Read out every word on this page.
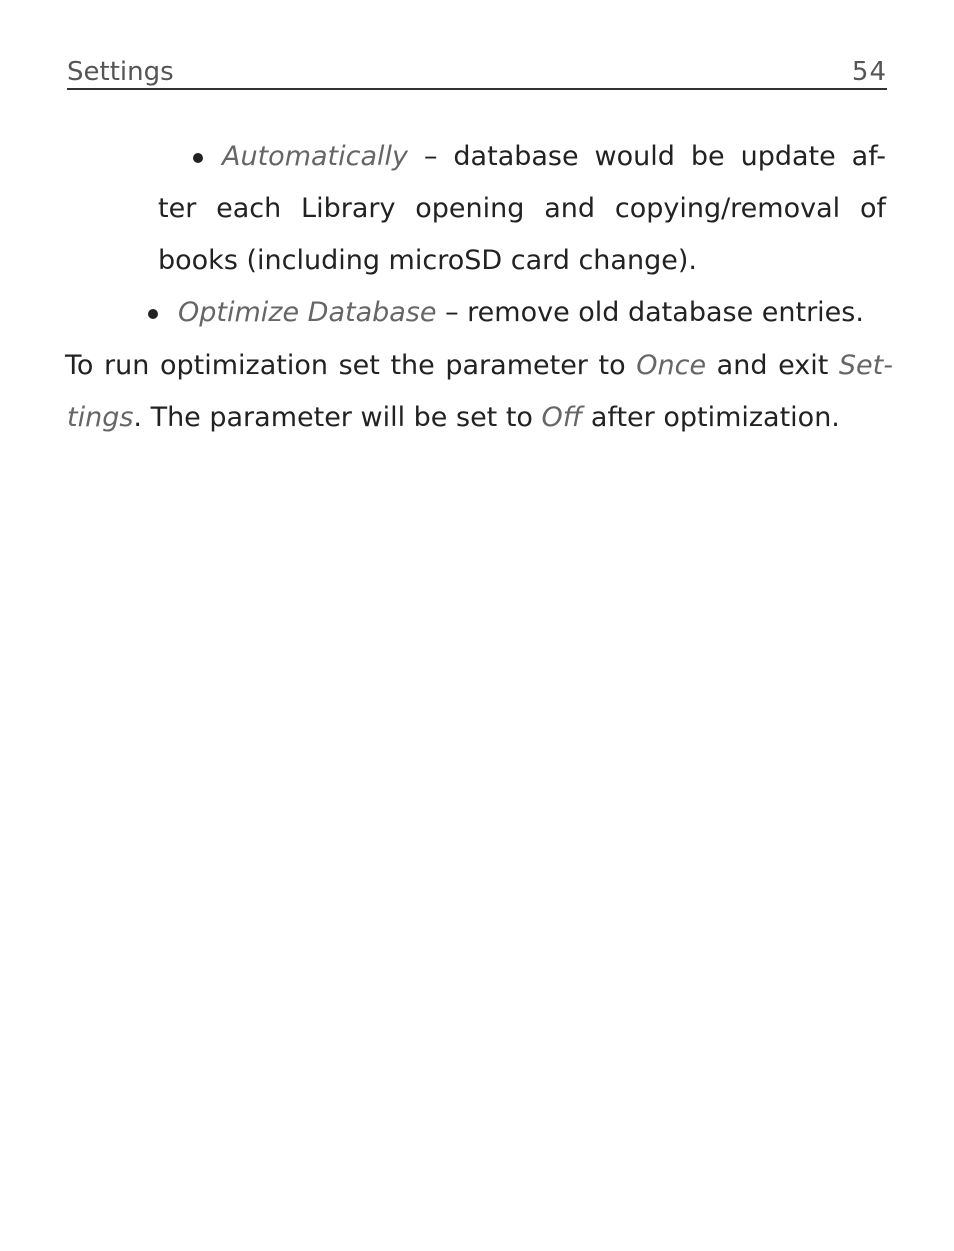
Settings	54
Automatically – database would be update af-
ter each Library opening and copying/removal of
books (including microSD card change).
Optimize Database – remove old database entries.
To run optimization set the parameter to Once and exit Set-
tings. The parameter will be set to Off after optimization.
